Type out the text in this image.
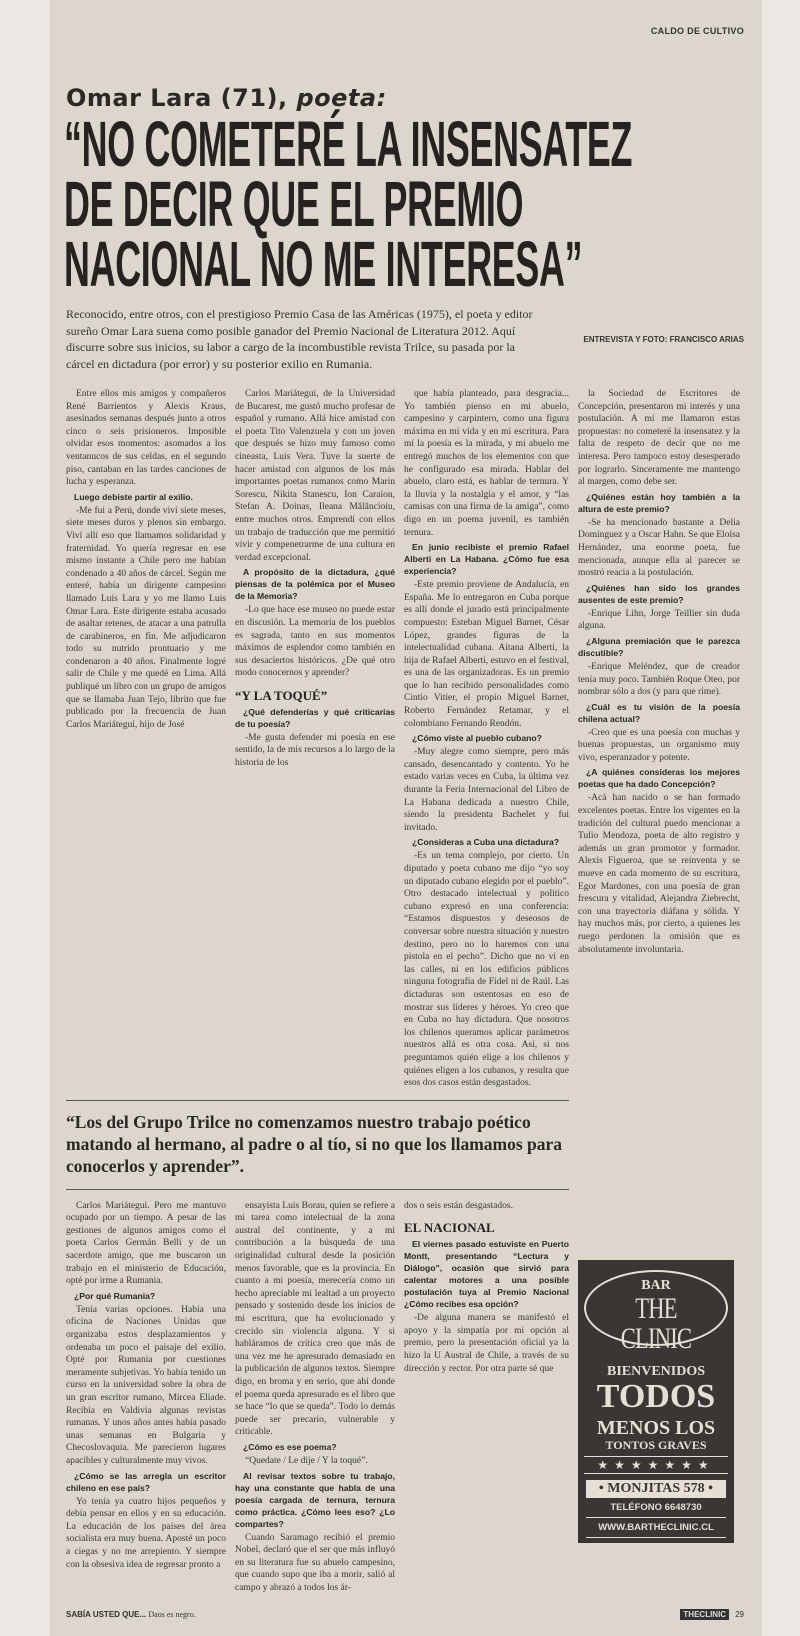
CALDO DE CULTIVO
Omar Lara (71), poeta:
“NO COMETERÉ LA INSENSATEZ
DE DECIR QUE EL PREMIO
NACIONAL NO ME INTERESA”
Reconocido, entre otros, con el prestigioso Premio Casa de las Américas (1975), el poeta y editor sureño Omar Lara suena como posible ganador del Premio Nacional de Literatura 2012. Aquí discurre sobre sus inicios, su labor a cargo de la incombustible revista Trilce, su pasada por la cárcel en dictadura (por error) y su posterior exilio en Rumania.
ENTREVISTA Y FOTO: FRANCISCO ARIAS

Entre ellos mis amigos y compañeros René Barrientos y Alexis Kraus, asesinados semanas después junto a otros cinco o seis prisioneros. Imposible olvidar esos momentos: asomados a los ventanucos de sus celdas, en el segundo piso, cantaban en las tardes canciones de lucha y esperanza.

Luego debiste partir al exilio.

-Me fui a Perú, donde viví siete meses, siete meses duros y plenos sin embargo. Viví allí eso que llamamos solidaridad y fraternidad. Yo quería regresar en ese mismo instante a Chile pero me habían condenado a 40 años de cárcel. Según me enteré, había un dirigente campesino llamado Luis Lara y yo me llamo Luis Omar Lara. Este dirigente estaba acusado de asaltar retenes, de atacar a una patrulla de carabineros, en fin. Me adjudicaron todo su nutrido prontuario y me condenaron a 40 años. Finalmente logré salir de Chile y me quedé en Lima. Allá publiqué un libro con un grupo de amigos que se llamaba Juan Tejo, librito que fue publicado por la frecuencia de Juan Carlos Mariátegui, hijo de José

Carlos Mariátegui, de la Universidad de Bucarest, me gustó mucho profesar de español y rumano. Allá hice amistad con el poeta Tito Valenzuela y con un joven que después se hizo muy famoso como cineasta, Luis Vera. Tuve la suerte de hacer amistad con algunos de los más importantes poetas rumanos como Marin Sorescu, Nikita Stanescu, Ion Caraion, Stefan A. Doinas, Ileana Mălăncioiu, entre muchos otros. Emprendí con ellos un trabajo de traducción que me permitió vivir y compenetrarme de una cultura en verdad excepcional.

A propósito de la dictadura, ¿qué piensas de la polémica por el Museo de la Memoria?

-Lo que hace ese museo no puede estar en discusión. La memoria de los pueblos es sagrada, tanto en sus momentos máximos de esplendor como también en sus desaciertos históricos. ¿De qué otro modo conocernos y aprender?

“Y LA TOQUÉ”

¿Qué defenderías y qué criticarías de tu poesía?

-Me gusta defender mi poesía en ese sentido, la de mis recursos a lo largo de la historia de los

que había planteado, para desgracia... Yo también pienso en mi abuelo, campesino y carpintero, como una figura máxima en mi vida y en mi escritura. Para mí la poesía es la mirada, y mi abuelo me entregó muchos de los elementos con que he configurado esa mirada. Hablar del abuelo, claro está, es hablar de ternura. Y la lluvia y la nostalgia y el amor, y “las camisas con una firma de la amiga”, como digo en un poema juvenil, es también ternura.

En junio recibiste el premio Rafael Alberti en La Habana. ¿Cómo fue esa experiencia?

-Este premio proviene de Andalucía, en España. Me lo entregaron en Cuba porque es allí donde el jurado está principalmente compuesto: Esteban Miguel Barnet, César López, grandes figuras de la intelectualidad cubana. Aitana Alberti, la hija de Rafael Alberti, estuvo en el festival, es una de las organizadoras. Es un premio que lo han recibido personalidades como Cintio Vitier, el propio Miguel Barnet, Roberto Fernández Retamar, y el colombiano Fernando Rendón.

¿Cómo viste al pueblo cubano?

-Muy alegre como siempre, pero más cansado, desencantado y contento. Yo he estado varias veces en Cuba, la última vez durante la Feria Internacional del Libro de La Habana dedicada a nuestro Chile, siendo la presidenta Bachelet y fui invitado.

¿Consideras a Cuba una dictadura?

-Es un tema complejo, por cierto. Un diputado y poeta cubano me dijo “yo soy un diputado cubano elegido por el pueblo”. Otro destacado intelectual y político cubano expresó en una conferencia: “Estamos dispuestos y deseosos de conversar sobre nuestra situación y nuestro destino, pero no lo haremos con una pistola en el pecho”. Dicho que no vi en las calles, ni en los edificios públicos ninguna fotografía de Fidel ni de Raúl. Las dictaduras son ostentosas en eso de mostrar sus líderes y héroes. Yo creo que en Cuba no hay dictadura. Que nosotros los chilenos queramos aplicar parámetros nuestros allá es otra cosa. Así, si nos preguntamos quién elige a los chilenos y quiénes eligen a los cubanos, y resulta que esos dos casos están desgastados.

la Sociedad de Escritores de Concepción, presentaron mi interés y una postulación. A mí me llamaron estas propuestas: no cometeré la insensatez y la falta de respeto de decir que no me interesa. Pero tampoco estoy desesperado por lograrlo. Sinceramente me mantengo al margen, como debe ser.

¿Quiénes están hoy también a la altura de este premio?

-Se ha mencionado bastante a Delia Domínguez y a Oscar Hahn. Se que Eloísa Hernández, una enorme poeta, fue mencionada, aunque ella al parecer se mostró reacia a la postulación.

¿Quiénes han sido los grandes ausentes de este premio?

-Enrique Lihn, Jorge Teillier sin duda alguna.

¿Alguna premiación que le parezca discutible?

-Enrique Meléndez, que de creador tenía muy poco. También Roque Oteo, por nombrar sólo a dos (y para que rime).

¿Cuál es tu visión de la poesía chilena actual?

-Creo que es una poesía con muchas y buenas propuestas, un organismo muy vivo, esperanzador y potente.

¿A quiénes consideras los mejores poetas que ha dado Concepción?

-Acá han nacido o se han formado excelentes poetas. Entre los vigentes en la tradición del cultural puedo mencionar a Tulio Mendoza, poeta de alto registro y además un gran promotor y formador. Alexis Figueroa, que se reinventa y se mueve en cada momento de su escritura, Egor Mardones, con una poesía de gran frescura y vitalidad, Alejandra Ziebrecht, con una trayectoria diáfana y sólida. Y hay muchos más, por cierto, a quienes les ruego perdonen la omisión que es absolutamente involuntaria.

“Los del Grupo Trilce no comenzamos nuestro trabajo poético matando al hermano, al padre o al tío, si no que los llamamos para conocerlos y aprender”.

Carlos Mariátegui. Pero me mantuvo ocupado por un tiempo. A pesar de las gestiones de algunos amigos como el poeta Carlos Germán Belli y de un sacerdote amigo, que me buscaron un trabajo en el ministerio de Educación, opté por irme a Rumania.

¿Por qué Rumania?

Tenía varias opciones. Había una oficina de Naciones Unidas que organizaba estos desplazamientos y ordenaba un poco el paisaje del exilio. Opté por Rumania por cuestiones meramente subjetivas. Yo había tenido un curso en la universidad sobre la obra de un gran escritor rumano, Mircea Eliade. Recibía en Valdivia algunas revistas rumanas. Y unos años antes había pasado unas semanas en Bulgaria y Checoslovaquia. Me parecieron lugares apacibles y culturalmente muy vivos.

¿Cómo se las arregla un escritor chileno en ese país?

Yo tenía ya cuatro hijos pequeños y debía pensar en ellos y en su educación. La educación de los países del área socialista era muy buena. Aposté un poco a ciegas y no me arrepiento. Y siempre con la obsesiva idea de regresar pronto a

ensayista Luis Borau, quien se refiere a mi tarea como intelectual de la zona austral del continente, y a mi contribución a la búsqueda de una originalidad cultural desde la posición menos favorable, que es la provincia. En cuanto a mi poesía, merecería como un hecho apreciable mi lealtad a un proyecto pensado y sostenido desde los inicios de mi escritura, que ha evolucionado y crecido sin violencia alguna. Y si habláramos de crítica creo que más de una vez me he apresurado demasiado en la publicación de algunos textos. Siempre digo, en broma y en serio, que ahí donde el poema queda apresurado es el libro que se hace “lo que se queda”. Todo lo demás puede ser precario, vulnerable y criticable.

¿Cómo es ese poema?

“Quedate / Le dije / Y la toqué”.

Al revisar textos sobre tu trabajo, hay una constante que habla de una poesía cargada de ternura, ternura como práctica. ¿Cómo lees eso? ¿Lo compartes?

Cuando Saramago recibió el premio Nobel, declaró que el ser que más influyó en su literatura fue su abuelo campesino, que cuando supo que iba a morir, salió al campo y abrazó a todos los ár-

dos o seis están desgastados.

EL NACIONAL

El viernes pasado estuviste en Puerto Montt, presentando “Lectura y Diálogo”, ocasión que sirvió para calentar motores a una posible postulación tuya al Premio Nacional ¿Cómo recibes esa opción?

-De alguna manera se manifestó el apoyo y la simpatía por mi opción al premio, pero la presentación oficial ya la hizo la U Austral de Chile, a través de su dirección y rector. Por otra parte sé que

BAR
THE CLINIC
BIENVENIDOS
TODOS
MENOS LOS
TONTOS GRAVES
★★★★★★★
• MONJITAS 578 •
TELÉFONO 6648730
WWW.BARTHECLINIC.CL
SABÍA USTED QUE... Daos es negro.	THECLINIC	29
